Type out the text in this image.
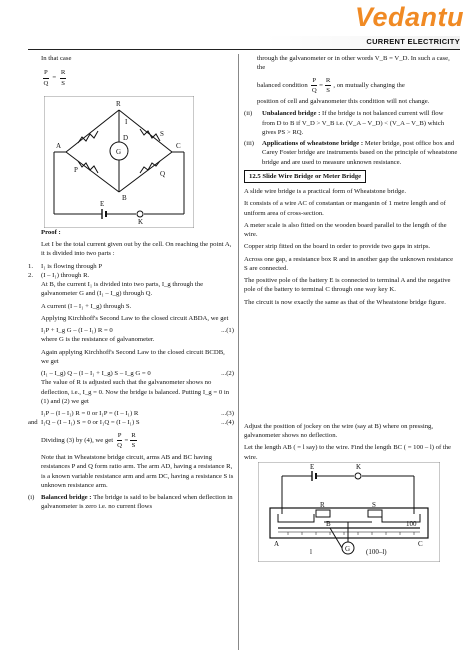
Vedantu
CURRENT ELECTRICITY

In that case

$\frac{P}{Q} = \frac{R}{S}$

Proof :

Let I be the total current given out by the cell. On reaching the point A, it is divided into two parts :

1.	I₁ is flowing through P
2.	(I – I₁) through R.

At B, the current I₁ is divided into two parts, I_g through the galvanometer G and (I₁ – I_g) through Q.

A current (I – I₁ + I_g) through S.

Applying Kirchhoff's Second Law to the closed circuit ABDA, we get

I₁P + I_g G – (I – I₁) R = 0	...(1)

where G is the resistance of galvanometer.

Again applying Kirchhoff's Second Law to the closed circuit BCDB, we get

(I₁ – I_g) Q – (I – I₁ + I_g) S – I_g G = 0	...(2)

The value of R is adjusted such that the galvanometer shows no deflection, i.e., I_g = 0. Now the bridge is balanced. Putting I_g = 0 in (1) and (2) we get

I₁P – (I – I₁) R = 0 or I₁P = (I – I₁) R	...(3)
and I₁Q – (I – I₁) S = 0 or I₁Q = (I – I₁) S	...(4)
Dividing (3) by (4), we get
$\frac{P}{Q} = \frac{R}{S}$

Note that in Wheatstone bridge circuit, arms AB and BC having resistances P and Q form ratio arm. The arm AD, having a resistance R, is a known variable resistance arm and arm DC, having a resistance S is unknown resistance arm.

(i) Balanced bridge : The bridge is said to be balanced when deflection in galvanometer is zero i.e. no current flows
R
I
A	C
B
G
P
S
Q
D
K
E

through the galvanometer or in other words V_B = V_D. In such a case, the

balanced condition
$\frac{P}{Q} = \frac{R}{S}$ , on mutually changing the

position of cell and galvanometer this condition will not change.

(ii)	Unbalanced bridge : If the bridge is not balanced current will flow from D to B if V_D > V_B i.e. (V_A – V_D) < (V_A – V_B) which gives PS > RQ.
(iii)	Applications of wheatstone bridge : Meter bridge, post office box and Carey Foster bridge are instruments based on the principle of wheatstone bridge and are used to measure unknown resistance.
12.5 Slide Wire Bridge or Meter Bridge

A slide wire bridge is a practical form of Wheatstone bridge.

It consists of a wire AC of constantan or manganin of 1 metre length and of uniform area of cross-section.

A meter scale is also fitted on the wooden board parallel to the length of the wire.

Copper strip fitted on the board in order to provide two gaps in strips.

Across one gap, a resistance box R and in another gap the unknown resistance S are connected.

The positive pole of the battery E is connected to terminal A and the negative pole of the battery to terminal C through one way key K.

The circuit is now exactly the same as that of the Wheatstone bridge figure.

Adjust the position of jockey on the wire (say at B) where on pressing, galvanometer shows no deflection.

Let the length AB ( = l say) to the wire. Find the length BC ( = 100 – l) of the wire.

E	K
R	S
A	C
B
G
l	(100–l)
100
